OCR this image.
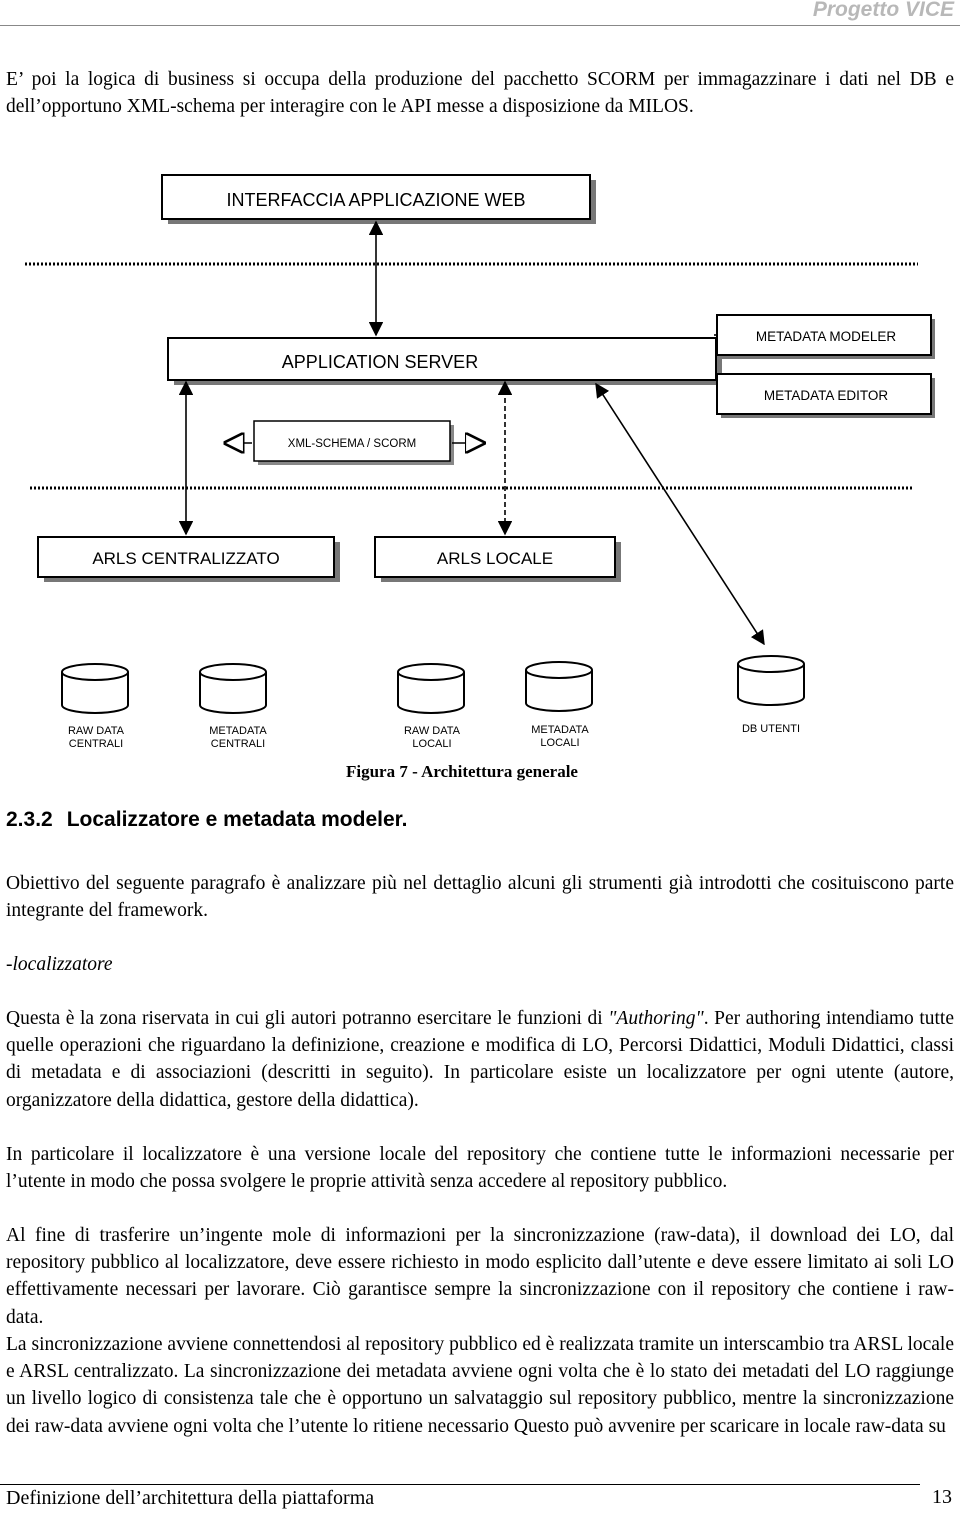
Progetto VICE

E’ poi la logica di business si occupa della produzione del pacchetto SCORM per immagazzinare i dati nel DB e dell’opportuno XML-schema per interagire con le API messe a disposizione da MILOS.

INTERFACCIA APPLICAZIONE WEB
APPLICATION SERVER
METADATA MODELER
METADATA EDITOR
XML-SCHEMA / SCORM
ARLS CENTRALIZZATO	ARLS LOCALE
RAW DATA
CENTRALI
METADATA
CENTRALI
RAW DATA
LOCALI
METADATA
LOCALI
DB UTENTI
Figura 7 - Architettura generale
2.3.2 Localizzatore e metadata modeler.

Obiettivo del seguente paragrafo è analizzare più nel dettaglio alcuni gli strumenti già introdotti che cosituiscono parte integrante del framework.

-localizzatore

Questa è la zona riservata in cui gli autori potranno esercitare le funzioni di "Authoring". Per authoring intendiamo tutte quelle operazioni che riguardano la definizione, creazione e modifica di LO, Percorsi Didattici, Moduli Didattici, classi di metadata e di associazioni (descritti in seguito). In particolare esiste un localizzatore per ogni utente (autore, organizzatore della didattica, gestore della didattica).

In particolare il localizzatore è una versione locale del repository che contiene tutte le informazioni necessarie per l’utente in modo che possa svolgere le proprie attività senza accedere al repository pubblico.

Al fine di trasferire un’ingente mole di informazioni per la sincronizzazione (raw-data), il download dei LO, dal repository pubblico al localizzatore, deve essere richiesto in modo esplicito dall’utente e deve essere limitato ai soli LO effettivamente necessari per lavorare. Ciò garantisce sempre la sincronizzazione con il repository che contiene i raw-data.

La sincronizzazione avviene connettendosi al repository pubblico ed è realizzata tramite un interscambio tra ARSL locale e ARSL centralizzato. La sincronizzazione dei metadata avviene ogni volta che è lo stato dei metadati del LO raggiunge un livello logico di consistenza tale che è opportuno un salvataggio sul repository pubblico, mentre la sincronizzazione dei raw-data avviene ogni volta che l’utente lo ritiene necessario Questo può avvenire per scaricare in locale raw-data su

Definizione dell’architettura della piattaforma	13
